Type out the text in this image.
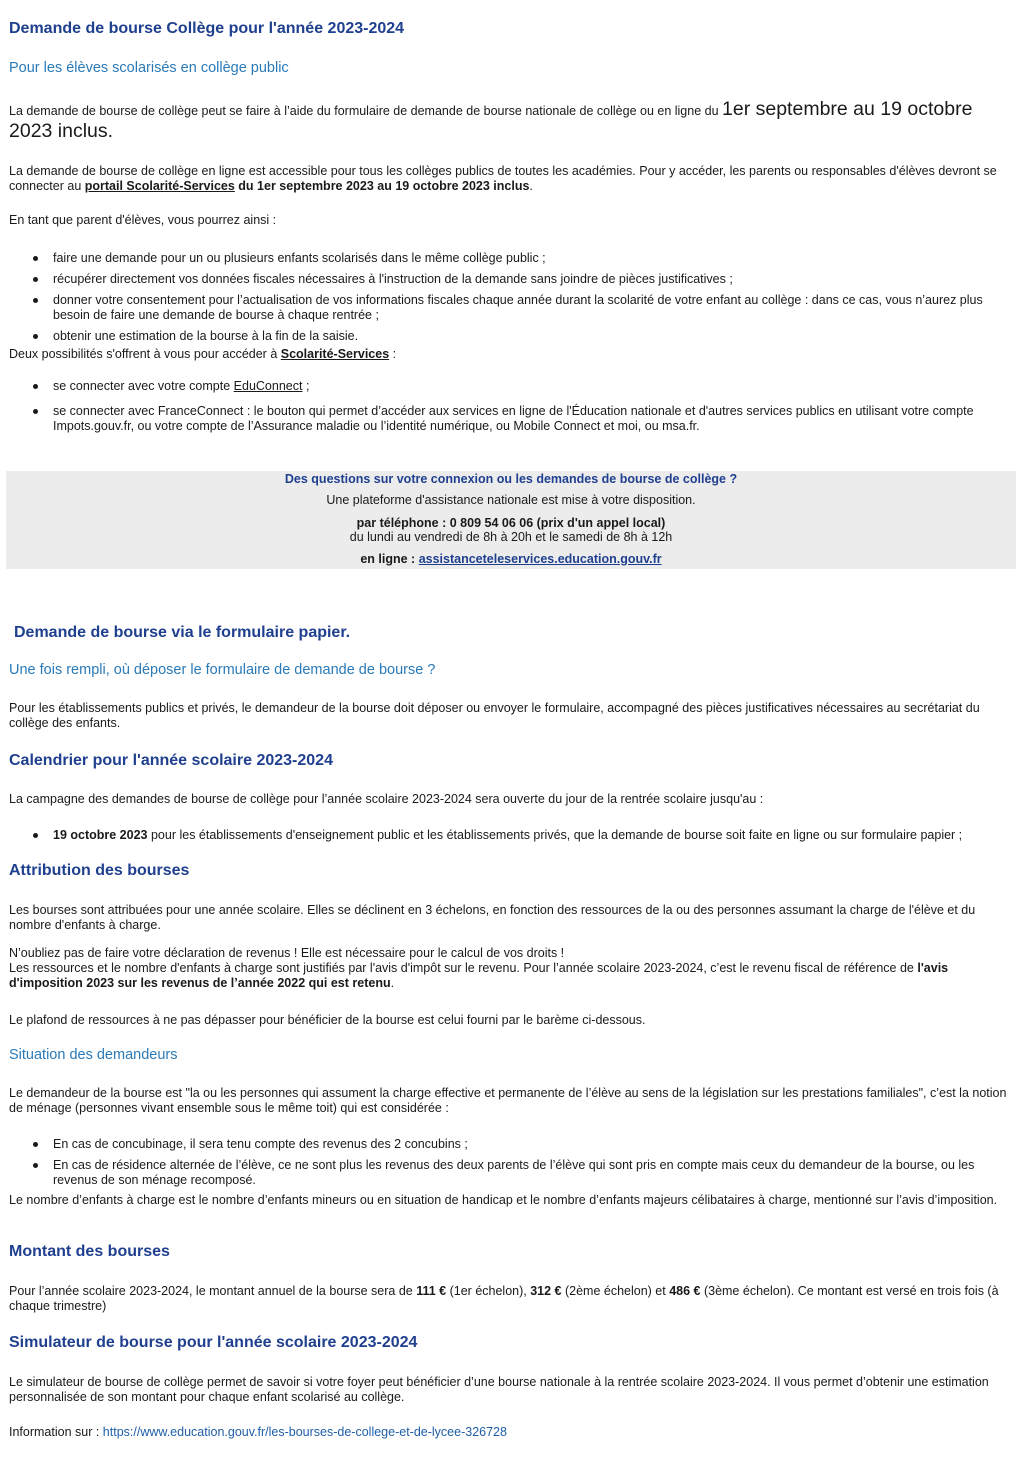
Demande de bourse Collège pour l'année 2023-2024
Pour les élèves scolarisés en collège public
La demande de bourse de collège peut se faire à l’aide du formulaire de demande de bourse nationale de collège ou en ligne du 1er septembre au 19 octobre 2023 inclus.
La demande de bourse de collège en ligne est accessible pour tous les collèges publics de toutes les académies. Pour y accéder, les parents ou responsables d'élèves devront se connecter au portail Scolarité-Services du 1er septembre 2023 au 19 octobre 2023 inclus.
En tant que parent d'élèves, vous pourrez ainsi :
faire une demande pour un ou plusieurs enfants scolarisés dans le même collège public ;
récupérer directement vos données fiscales nécessaires à l'instruction de la demande sans joindre de pièces justificatives ;
donner votre consentement pour l’actualisation de vos informations fiscales chaque année durant la scolarité de votre enfant au collège : dans ce cas, vous n’aurez plus besoin de faire une demande de bourse à chaque rentrée ;
obtenir une estimation de la bourse à la fin de la saisie.
Deux possibilités s'offrent à vous pour accéder à Scolarité-Services :
se connecter avec votre compte EduConnect ;
se connecter avec FranceConnect : le bouton qui permet d’accéder aux services en ligne de l'Éducation nationale et d'autres services publics en utilisant votre compte Impots.gouv.fr, ou votre compte de l’Assurance maladie ou l’identité numérique, ou Mobile Connect et moi, ou msa.fr.
Des questions sur votre connexion ou les demandes de bourse de collège ?
Une plateforme d'assistance nationale est mise à votre disposition.
par téléphone : 0 809 54 06 06 (prix d'un appel local)
du lundi au vendredi de 8h à 20h et le samedi de 8h à 12h
en ligne : assistanceteleservices.education.gouv.fr
Demande de bourse via le formulaire papier.
Une fois rempli, où déposer le formulaire de demande de bourse ?
Pour les établissements publics et privés, le demandeur de la bourse doit déposer ou envoyer le formulaire, accompagné des pièces justificatives nécessaires au secrétariat du collège des enfants.
Calendrier pour l'année scolaire 2023-2024
La campagne des demandes de bourse de collège pour l’année scolaire 2023-2024 sera ouverte du jour de la rentrée scolaire jusqu'au :
19 octobre 2023 pour les établissements d'enseignement public et les établissements privés, que la demande de bourse soit faite en ligne ou sur formulaire papier ;
Attribution des bourses
Les bourses sont attribuées pour une année scolaire. Elles se déclinent en 3 échelons, en fonction des ressources de la ou des personnes assumant la charge de l'élève et du nombre d'enfants à charge.
N’oubliez pas de faire votre déclaration de revenus ! Elle est nécessaire pour le calcul de vos droits !
Les ressources et le nombre d'enfants à charge sont justifiés par l'avis d'impôt sur le revenu. Pour l’année scolaire 2023-2024, c’est le revenu fiscal de référence de l'avis d'imposition 2023 sur les revenus de l’année 2022 qui est retenu.
Le plafond de ressources à ne pas dépasser pour bénéficier de la bourse est celui fourni par le barème ci-dessous.
Situation des demandeurs
Le demandeur de la bourse est "la ou les personnes qui assument la charge effective et permanente de l’élève au sens de la législation sur les prestations familiales", c’est la notion de ménage (personnes vivant ensemble sous le même toit) qui est considérée :
En cas de concubinage, il sera tenu compte des revenus des 2 concubins ;
En cas de résidence alternée de l’élève, ce ne sont plus les revenus des deux parents de l’élève qui sont pris en compte mais ceux du demandeur de la bourse, ou les revenus de son ménage recomposé.
Le nombre d’enfants à charge est le nombre d’enfants mineurs ou en situation de handicap et le nombre d’enfants majeurs célibataires à charge, mentionné sur l’avis d’imposition.
Montant des bourses
Pour l’année scolaire 2023-2024, le montant annuel de la bourse sera de 111 € (1er échelon), 312 € (2ème échelon) et 486 € (3ème échelon). Ce montant est versé en trois fois (à chaque trimestre)
Simulateur de bourse pour l'année scolaire 2023-2024
Le simulateur de bourse de collège permet de savoir si votre foyer peut bénéficier d’une bourse nationale à la rentrée scolaire 2023-2024. Il vous permet d’obtenir une estimation personnalisée de son montant pour chaque enfant scolarisé au collège.
Information sur : https://www.education.gouv.fr/les-bourses-de-college-et-de-lycee-326728
